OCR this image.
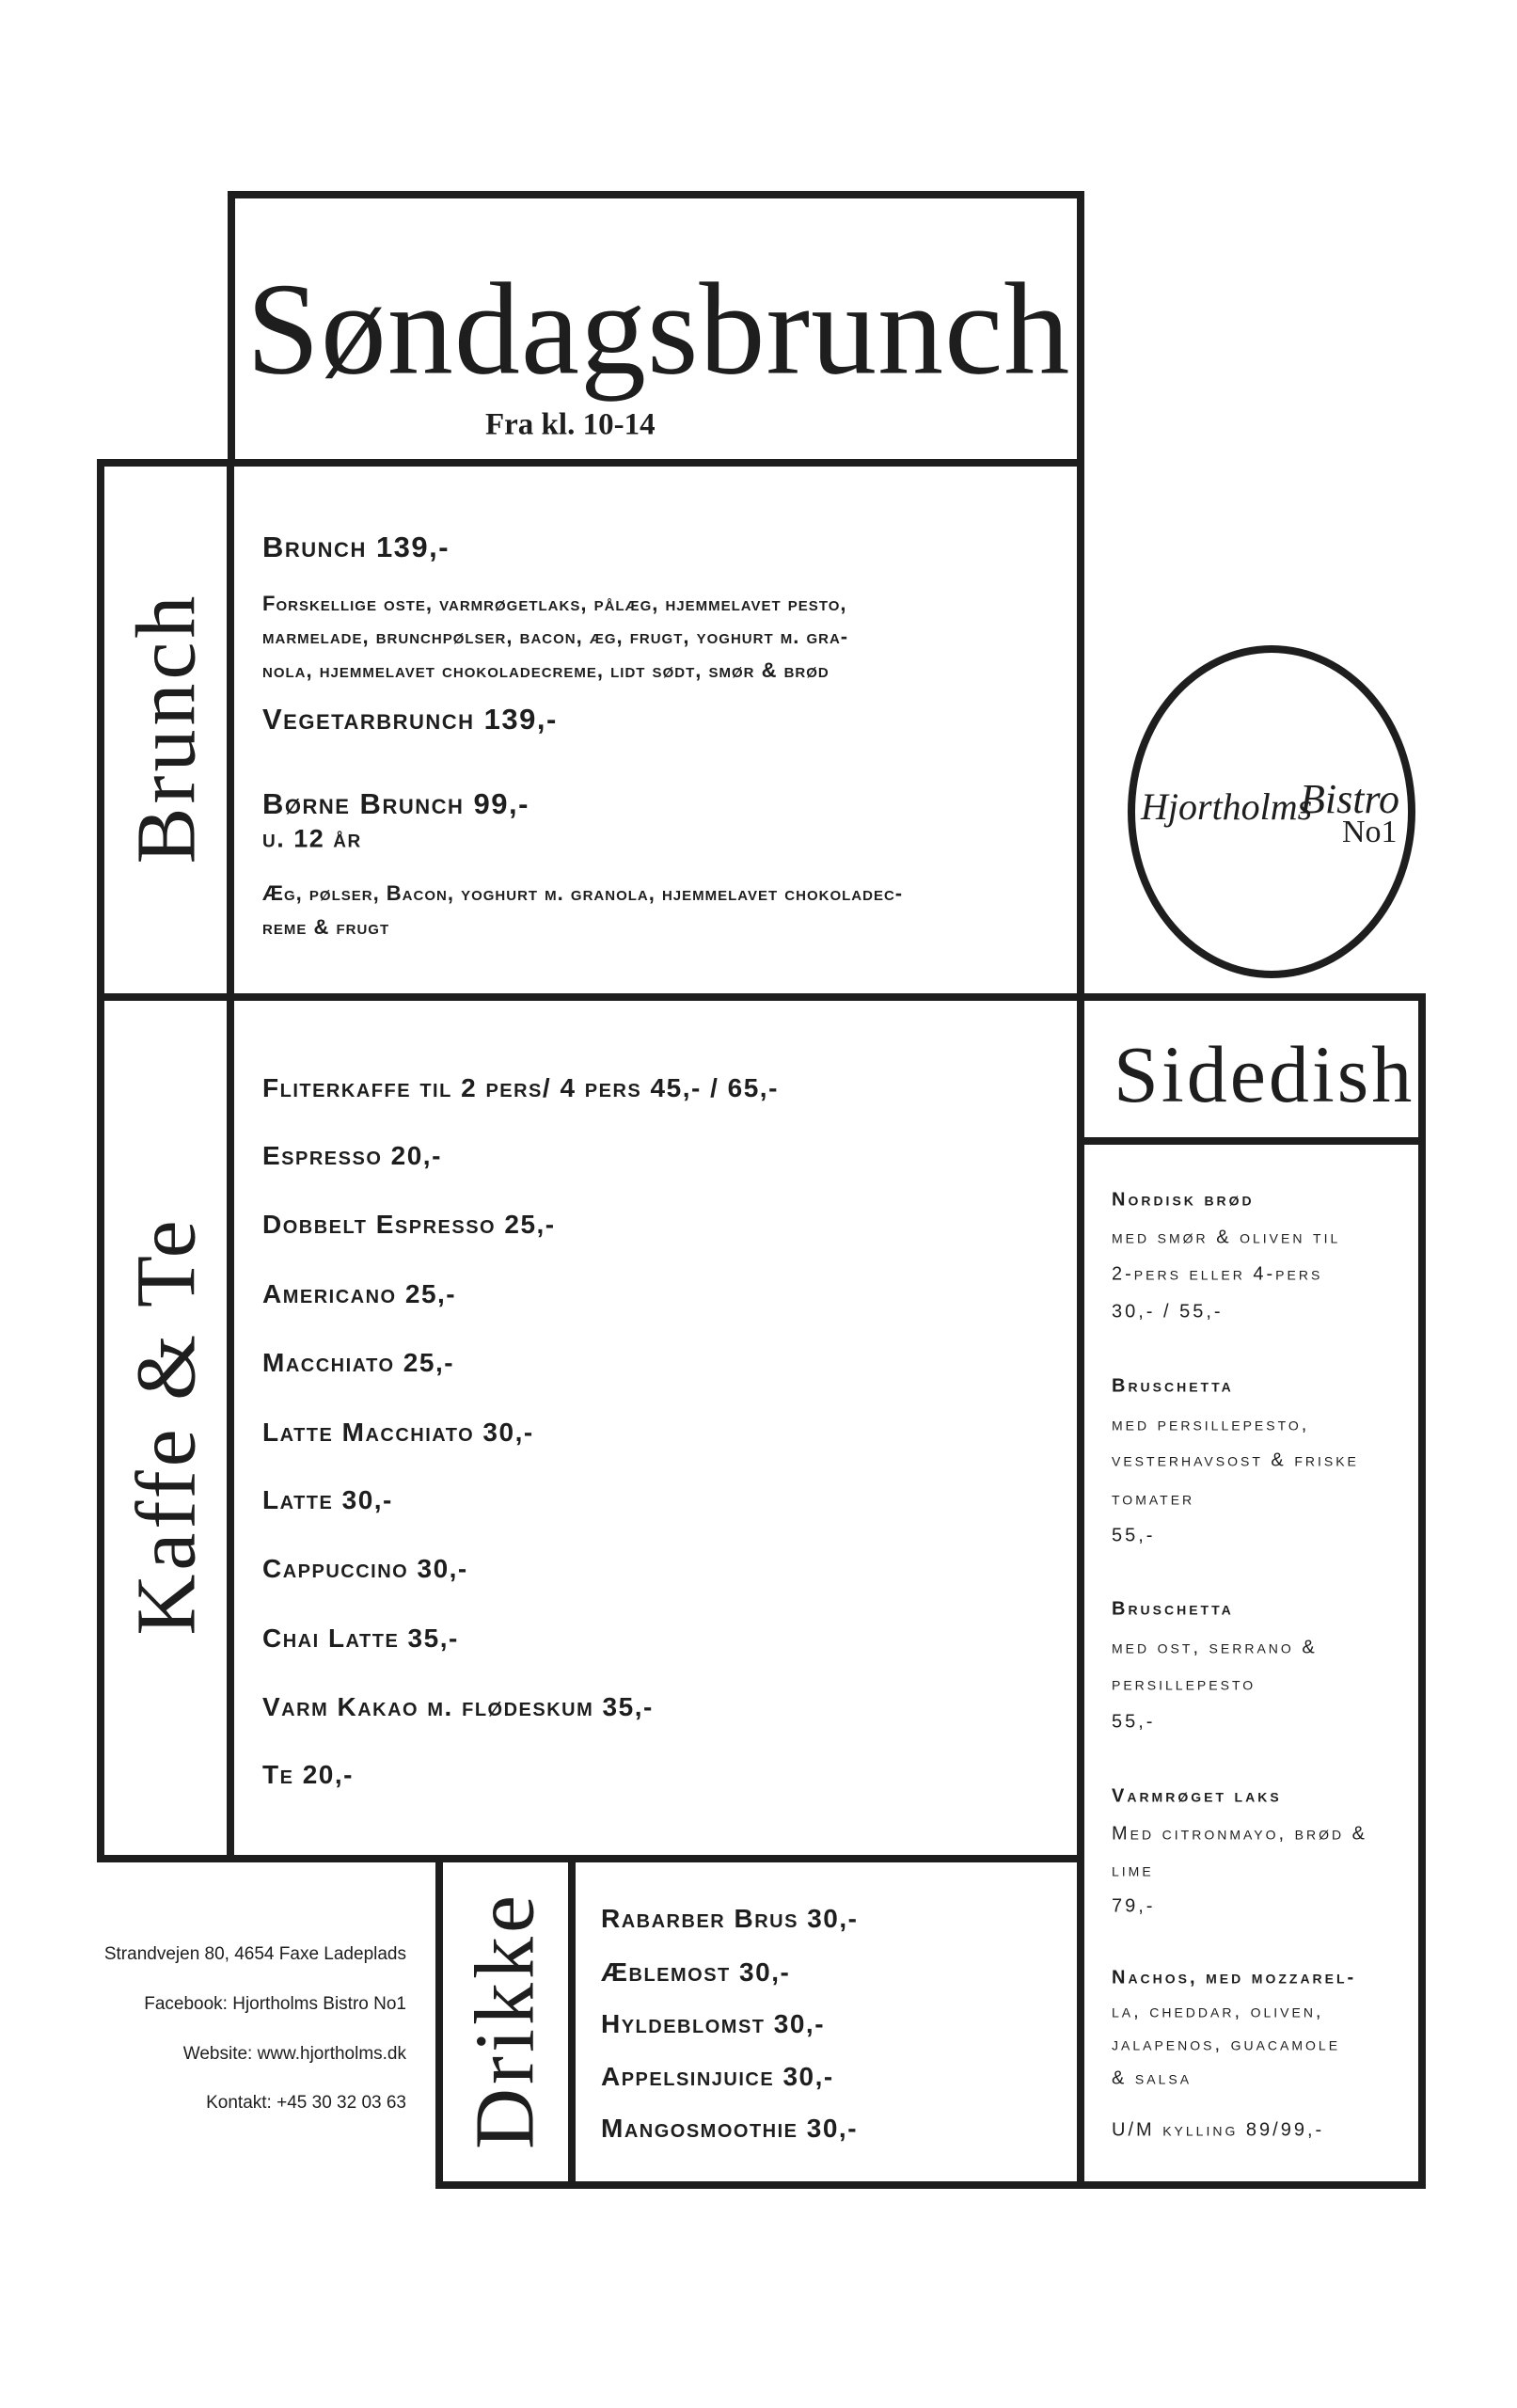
Søndagsbrunch
Fra kl. 10-14
Hjortholms
Bistro
No1
Brunch
Brunch 139,-
Forskellige oste, varmrøgetlaks, pålæg, hjemmelavet pesto,
marmelade, brunchpølser, bacon, æg, frugt, yoghurt m. gra-
nola, hjemmelavet chokoladecreme, lidt sødt, smør & brød
Vegetarbrunch 139,-
Børne Brunch 99,-
u. 12 år
Æg, pølser, Bacon, yoghurt m. granola, hjemmelavet chokoladec-
reme & frugt
Kaffe & Te
Fliterkaffe til 2 pers/ 4 pers 45,- / 65,-
Espresso 20,-
Dobbelt Espresso 25,-
Americano 25,-
Macchiato 25,-
Latte Macchiato 30,-
Latte 30,-
Cappuccino 30,-
Chai Latte 35,-
Varm Kakao m. flødeskum 35,-
Te 20,-
Sidedish
Nordisk brød
med smør & oliven til
2-pers eller 4-pers
30,- / 55,-
Bruschetta
med persillepesto,
vesterhavsost & friske
tomater
55,-
Bruschetta
med ost, serrano &
persillepesto
55,-
Varmrøget laks
Med citronmayo, brød &
lime
79,-
Nachos, med mozzarel-
la, cheddar, oliven,
jalapenos, guacamole
& salsa
U/M kylling 89/99,-
Drikke Rabarber Brus 30,-
Æblemost 30,-
Hyldeblomst 30,-
Appelsinjuice 30,-
Mangosmoothie 30,-
Strandvejen 80, 4654 Faxe Ladeplads
Facebook: Hjortholms Bistro No1
Website: www.hjortholms.dk
Kontakt: +45 30 32 03 63
